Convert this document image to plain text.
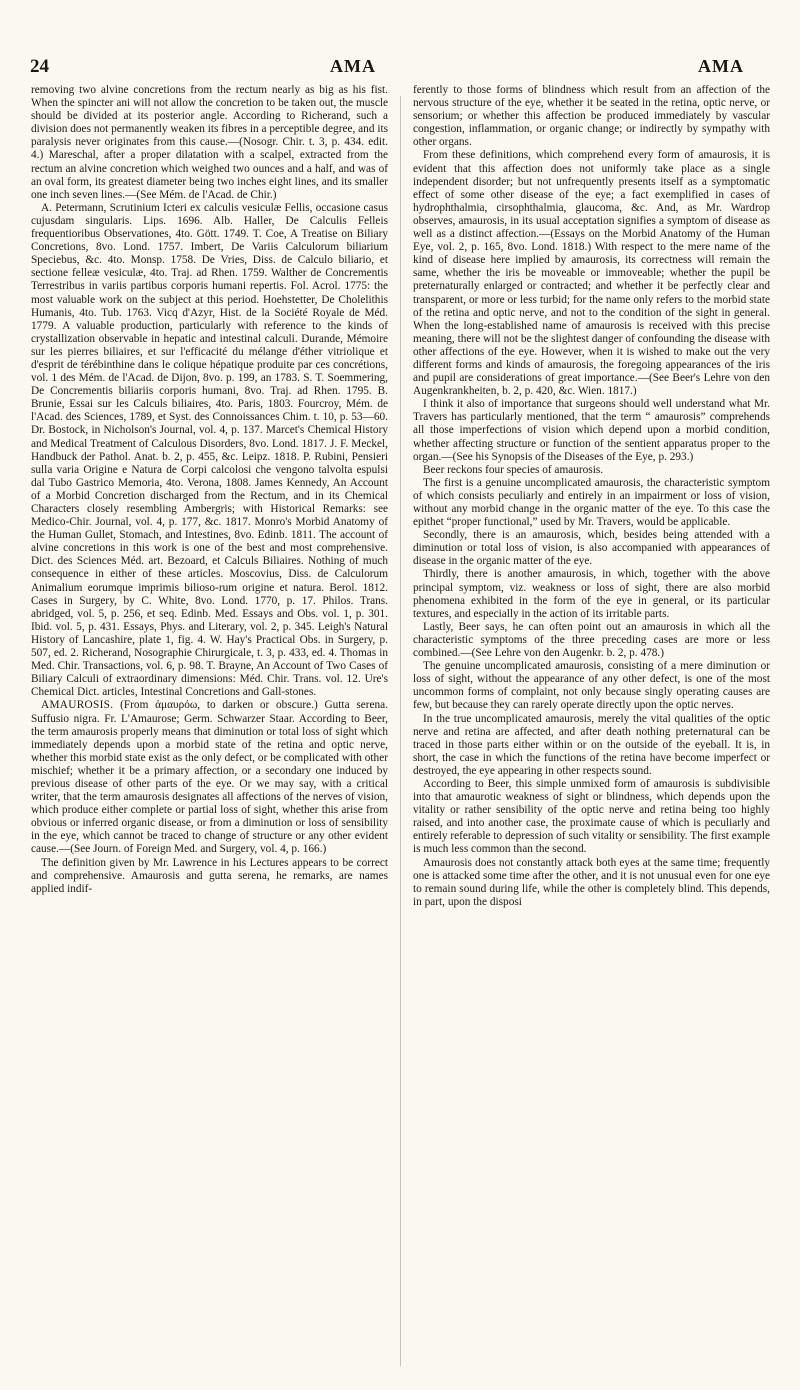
24	AMA	AMA

removing two alvine concretions from the rectum nearly as big as his fist. When the spincter ani will not allow the concretion to be taken out, the muscle should be divided at its posterior angle. According to Richerand, such a division does not permanently weaken its fibres in a perceptible degree, and its paralysis never originates from this cause.—(Nosogr. Chir. t. 3, p. 434. edit. 4.) Mareschal, after a proper dilatation with a scalpel, extracted from the rectum an alvine concretion which weighed two ounces and a half, and was of an oval form, its greatest diameter being two inches eight lines, and its smaller one inch seven lines.—(See Mém. de l'Acad. de Chir.)

A. Petermann, Scrutinium Icteri ex calculis vesiculæ Fellis, occasione casus cujusdam singularis. Lips. 1696. Alb. Haller, De Calculis Felleis frequentioribus Observationes, 4to. Gött. 1749. T. Coe, A Treatise on Biliary Concretions, 8vo. Lond. 1757. Imbert, De Variis Calculorum biliarium Speciebus, &c. 4to. Monsp. 1758. De Vries, Diss. de Calculo biliario, et sectione felleæ vesiculæ, 4to. Traj. ad Rhen. 1759. Walther de Concrementis Terrestribus in variis partibus corporis humani repertis. Fol. Acrol. 1775: the most valuable work on the subject at this period. Hoehstetter, De Cholelithis Humanis, 4to. Tub. 1763. Vicq d'Azyr, Hist. de la Société Royale de Méd. 1779. A valuable production, particularly with reference to the kinds of crystallization observable in hepatic and intestinal calculi. Durande, Mémoire sur les pierres biliaires, et sur l'efficacité du mélange d'éther vitriolique et d'esprit de térébinthine dans le colique hépatique produite par ces concrétions, vol. 1 des Mém. de l'Acad. de Dijon, 8vo. p. 199, an 1783. S. T. Soemmering, De Concrementis biliariis corporis humani, 8vo. Traj. ad Rhen. 1795. B. Brunie, Essai sur les Calculs biliaires, 4to. Paris, 1803. Fourcroy, Mém. de l'Acad. des Sciences, 1789, et Syst. des Connoissances Chim. t. 10, p. 53—60. Dr. Bostock, in Nicholson's Journal, vol. 4, p. 137. Marcet's Chemical History and Medical Treatment of Calculous Disorders, 8vo. Lond. 1817. J. F. Meckel, Handbuck der Pathol. Anat. b. 2, p. 455, &c. Leipz. 1818. P. Rubini, Pensieri sulla varia Origine e Natura de Corpi calcolosi che vengono talvolta espulsi dal Tubo Gastrico Memoria, 4to. Verona, 1808. James Kennedy, An Account of a Morbid Concretion discharged from the Rectum, and in its Chemical Characters closely resembling Ambergris; with Historical Remarks: see Medico-Chir. Journal, vol. 4, p. 177, &c. 1817. Monro's Morbid Anatomy of the Human Gullet, Stomach, and Intestines, 8vo. Edinb. 1811. The account of alvine concretions in this work is one of the best and most comprehensive. Dict. des Sciences Méd. art. Bezoard, et Calculs Biliaires. Nothing of much consequence in either of these articles. Moscovius, Diss. de Calculorum Animalium eorumque imprimis bilioso-rum origine et natura. Berol. 1812. Cases in Surgery, by C. White, 8vo. Lond. 1770, p. 17. Philos. Trans. abridged, vol. 5, p. 256, et seq. Edinb. Med. Essays and Obs. vol. 1, p. 301. Ibid. vol. 5, p. 431. Essays, Phys. and Literary, vol. 2, p. 345. Leigh's Natural History of Lancashire, plate 1, fig. 4. W. Hay's Practical Obs. in Surgery, p. 507, ed. 2. Richerand, Nosographie Chirurgicale, t. 3, p. 433, ed. 4. Thomas in Med. Chir. Transactions, vol. 6, p. 98. T. Brayne, An Account of Two Cases of Biliary Calculi of extraordinary dimensions: Méd. Chir. Trans. vol. 12. Ure's Chemical Dict. articles, Intestinal Concretions and Gall-stones.

AMAUROSIS. (From ἀμαυρόω, to darken or obscure.) Gutta serena. Suffusio nigra. Fr. L'Amaurose; Germ. Schwarzer Staar. According to Beer, the term amaurosis properly means that diminution or total loss of sight which immediately depends upon a morbid state of the retina and optic nerve, whether this morbid state exist as the only defect, or be complicated with other mischief; whether it be a primary affection, or a secondary one induced by previous disease of other parts of the eye. Or we may say, with a critical writer, that the term amaurosis designates all affections of the nerves of vision, which produce either complete or partial loss of sight, whether this arise from obvious or inferred organic disease, or from a diminution or loss of sensibility in the eye, which cannot be traced to change of structure or any other evident cause.—(See Journ. of Foreign Med. and Surgery, vol. 4, p. 166.)

The definition given by Mr. Lawrence in his Lectures appears to be correct and comprehensive. Amaurosis and gutta serena, he remarks, are names applied indif-

ferently to those forms of blindness which result from an affection of the nervous structure of the eye, whether it be seated in the retina, optic nerve, or sensorium; or whether this affection be produced immediately by vascular congestion, inflammation, or organic change; or indirectly by sympathy with other organs.

From these definitions, which comprehend every form of amaurosis, it is evident that this affection does not uniformly take place as a single independent disorder; but not unfrequently presents itself as a symptomatic effect of some other disease of the eye; a fact exemplified in cases of hydrophthalmia, cirsophthalmia, glaucoma, &c. And, as Mr. Wardrop observes, amaurosis, in its usual acceptation signifies a symptom of disease as well as a distinct affection.—(Essays on the Morbid Anatomy of the Human Eye, vol. 2, p. 165, 8vo. Lond. 1818.) With respect to the mere name of the kind of disease here implied by amaurosis, its correctness will remain the same, whether the iris be moveable or immoveable; whether the pupil be preternaturally enlarged or contracted; and whether it be perfectly clear and transparent, or more or less turbid; for the name only refers to the morbid state of the retina and optic nerve, and not to the condition of the sight in general. When the long-established name of amaurosis is received with this precise meaning, there will not be the slightest danger of confounding the disease with other affections of the eye. However, when it is wished to make out the very different forms and kinds of amaurosis, the foregoing appearances of the iris and pupil are considerations of great importance.—(See Beer's Lehre von den Augenkrankheiten, b. 2, p. 420, &c. Wien. 1817.)

I think it also of importance that surgeons should well understand what Mr. Travers has particularly mentioned, that the term “ amaurosis” comprehends all those imperfections of vision which depend upon a morbid condition, whether affecting structure or function of the sentient apparatus proper to the organ.—(See his Synopsis of the Diseases of the Eye, p. 293.)

Beer reckons four species of amaurosis.

The first is a genuine uncomplicated amaurosis, the characteristic symptom of which consists peculiarly and entirely in an impairment or loss of vision, without any morbid change in the organic matter of the eye. To this case the epithet “proper functional,” used by Mr. Travers, would be applicable.

Secondly, there is an amaurosis, which, besides being attended with a diminution or total loss of vision, is also accompanied with appearances of disease in the organic matter of the eye.

Thirdly, there is another amaurosis, in which, together with the above principal symptom, viz. weakness or loss of sight, there are also morbid phenomena exhibited in the form of the eye in general, or its particular textures, and especially in the action of its irritable parts.

Lastly, Beer says, he can often point out an amaurosis in which all the characteristic symptoms of the three preceding cases are more or less combined.—(See Lehre von den Augenkr. b. 2, p. 478.)

The genuine uncomplicated amaurosis, consisting of a mere diminution or loss of sight, without the appearance of any other defect, is one of the most uncommon forms of complaint, not only because singly operating causes are few, but because they can rarely operate directly upon the optic nerves.

In the true uncomplicated amaurosis, merely the vital qualities of the optic nerve and retina are affected, and after death nothing preternatural can be traced in those parts either within or on the outside of the eyeball. It is, in short, the case in which the functions of the retina have become imperfect or destroyed, the eye appearing in other respects sound.

According to Beer, this simple unmixed form of amaurosis is subdivisible into that amaurotic weakness of sight or blindness, which depends upon the vitality or rather sensibility of the optic nerve and retina being too highly raised, and into another case, the proximate cause of which is peculiarly and entirely referable to depression of such vitality or sensibility. The first example is much less common than the second.

Amaurosis does not constantly attack both eyes at the same time; frequently one is attacked some time after the other, and it is not unusual even for one eye to remain sound during life, while the other is completely blind. This depends, in part, upon the disposi
